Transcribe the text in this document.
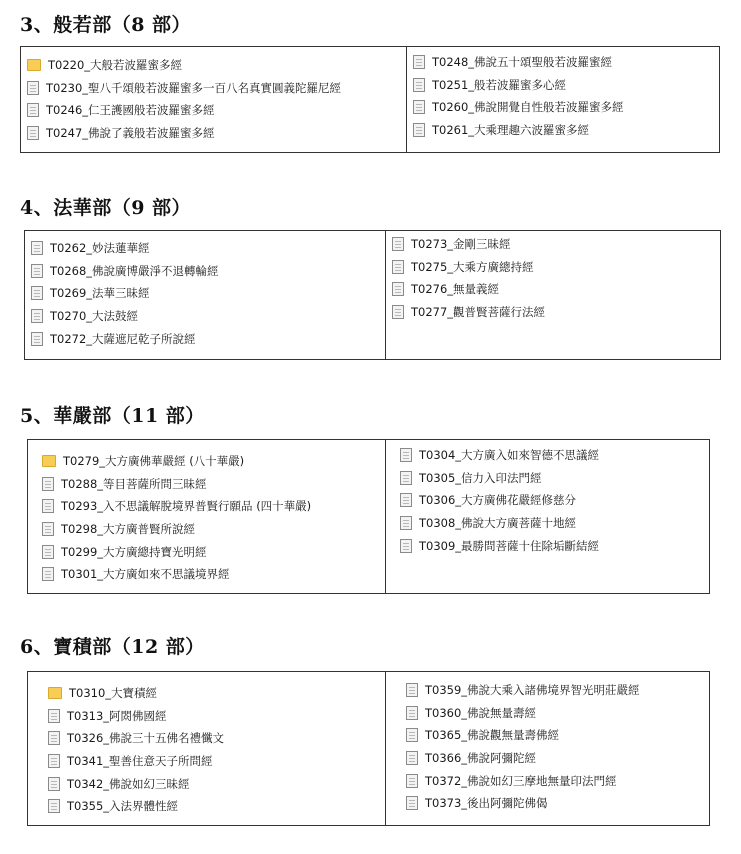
3、般若部（8 部）
T0220_大般若波羅蜜多經
T0230_聖八千頌般若波羅蜜多一百八名真實圓義陀羅尼經
T0246_仁王護國般若波羅蜜多經
T0247_佛說了義般若波羅蜜多經
T0248_佛說五十頌聖般若波羅蜜經
T0251_般若波羅蜜多心經
T0260_佛說開覺自性般若波羅蜜多經
T0261_大乘理趣六波羅蜜多經
4、法華部（9 部）
T0262_妙法蓮華經
T0268_佛說廣博嚴淨不退轉輪經
T0269_法華三昧經
T0270_大法鼓經
T0272_大薩遮尼乾子所說經
T0273_金剛三昧經
T0275_大乘方廣總持經
T0276_無量義經
T0277_觀普賢菩薩行法經
5、華嚴部（11 部）
T0279_大方廣佛華嚴經 (八十華嚴)
T0288_等目菩薩所問三昧經
T0293_入不思議解脫境界普賢行願品 (四十華嚴)
T0298_大方廣普賢所說經
T0299_大方廣總持寶光明經
T0301_大方廣如來不思議境界經
T0304_大方廣入如來智德不思議經
T0305_信力入印法門經
T0306_大方廣佛花嚴經修慈分
T0308_佛說大方廣菩薩十地經
T0309_最勝問菩薩十住除垢斷結經
6、寶積部（12 部）
T0310_大寶積經
T0313_阿閦佛國經
T0326_佛說三十五佛名禮懺文
T0341_聖善住意天子所問經
T0342_佛說如幻三昧經
T0355_入法界體性經
T0359_佛說大乘入諸佛境界智光明莊嚴經
T0360_佛說無量壽經
T0365_佛說觀無量壽佛經
T0366_佛說阿彌陀經
T0372_佛說如幻三摩地無量印法門經
T0373_後出阿彌陀佛偈
